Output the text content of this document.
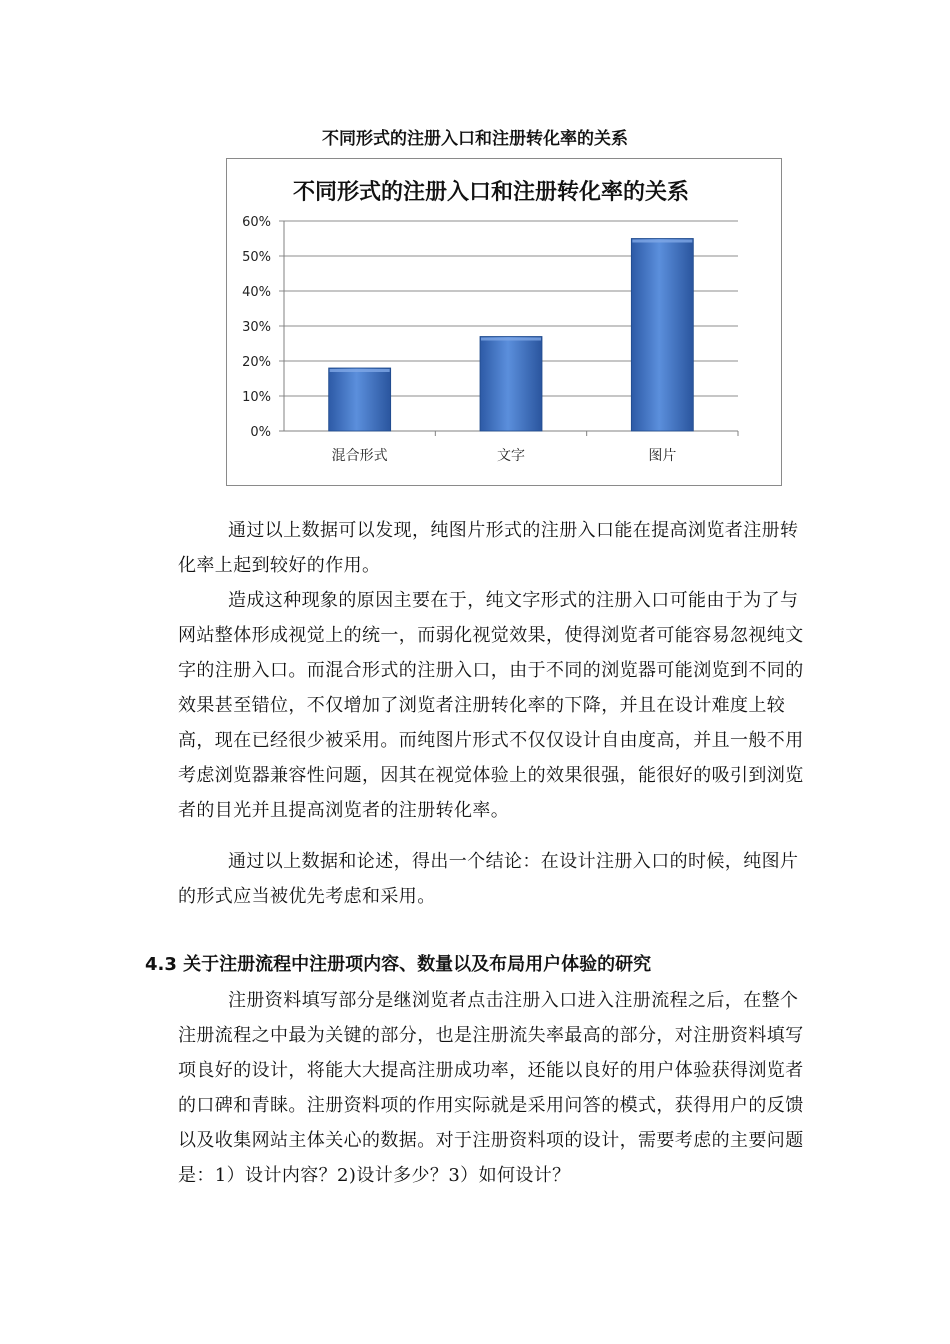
不同形式的注册入口和注册转化率的关系
不同形式的注册入口和注册转化率的关系
0%
10%
20%
30%
40%
50%
60%
混合形式	文字	图片

通过以上数据可以发现，纯图片形式的注册入口能在提高浏览者注册转化率上起到较好的作用。

造成这种现象的原因主要在于，纯文字形式的注册入口可能由于为了与网站整体形成视觉上的统一，而弱化视觉效果，使得浏览者可能容易忽视纯文字的注册入口。而混合形式的注册入口，由于不同的浏览器可能浏览到不同的效果甚至错位，不仅增加了浏览者注册转化率的下降，并且在设计难度上较高，现在已经很少被采用。而纯图片形式不仅仅设计自由度高，并且一般不用考虑浏览器兼容性问题，因其在视觉体验上的效果很强，能很好的吸引到浏览者的目光并且提高浏览者的注册转化率。

通过以上数据和论述，得出一个结论：在设计注册入口的时候，纯图片的形式应当被优先考虑和采用。

4.3 关于注册流程中注册项内容、数量以及布局用户体验的研究

注册资料填写部分是继浏览者点击注册入口进入注册流程之后，在整个注册流程之中最为关键的部分，也是注册流失率最高的部分，对注册资料填写项良好的设计，将能大大提高注册成功率，还能以良好的用户体验获得浏览者的口碑和青睐。注册资料项的作用实际就是采用问答的模式，获得用户的反馈以及收集网站主体关心的数据。对于注册资料项的设计，需要考虑的主要问题是：1）设计内容？2)设计多少？3）如何设计？
